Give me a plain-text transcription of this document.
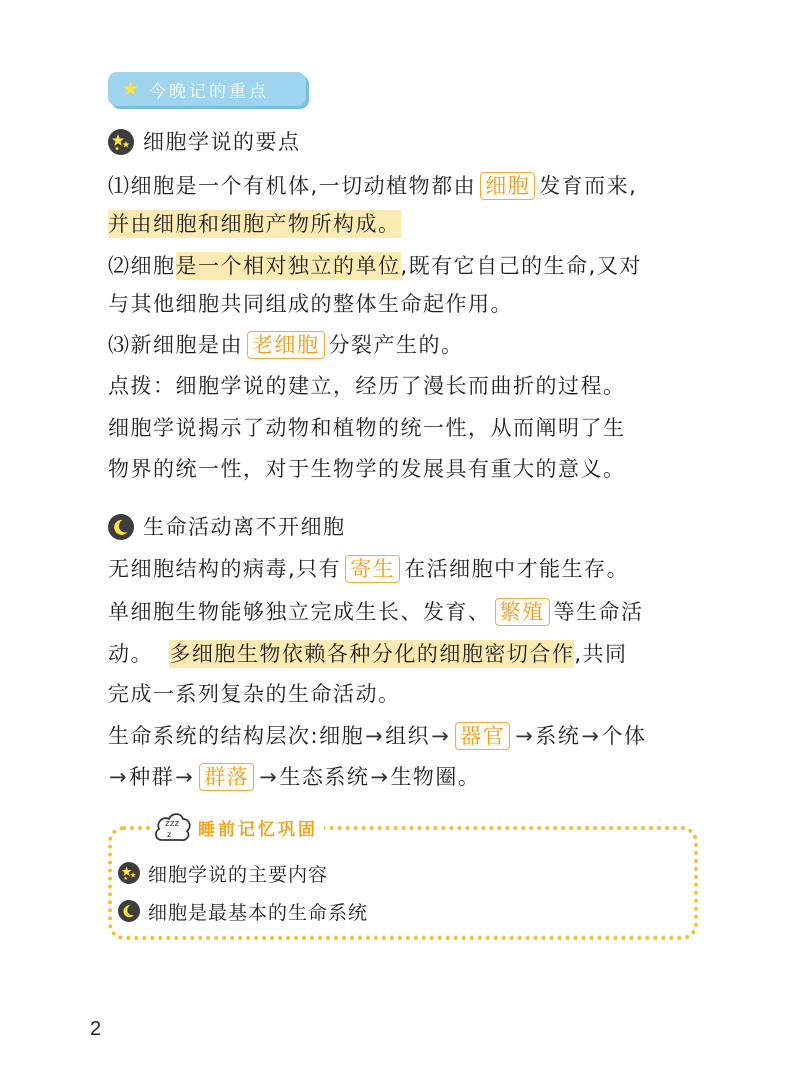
★ 今晚记的重点
细胞学说的要点
⑴细胞是一个有机体,一切动植物都由 细胞 发育而来,
并由细胞和细胞产物所构成。
⑵细胞是一个相对独立的单位,既有它自己的生命,又对
与其他细胞共同组成的整体生命起作用。
⑶新细胞是由 老细胞 分裂产生的。
点拨：细胞学说的建立，经历了漫长而曲折的过程。
细胞学说揭示了动物和植物的统一性，从而阐明了生
物界的统一性，对于生物学的发展具有重大的意义。
生命活动离不开细胞
无细胞结构的病毒,只有 寄生 在活细胞中才能生存。
单细胞生物能够独立完成生长、发育、 繁殖 等生命活
动。 多细胞生物依赖各种分化的细胞密切合作,共同
完成一系列复杂的生命活动。
生命系统的结构层次:细胞→组织→ 器官 →系统→个体
→种群→ 群落 →生态系统→生物圈。
zzz
z 睡前记忆巩固
细胞学说的主要内容
细胞是最基本的生命系统
2
